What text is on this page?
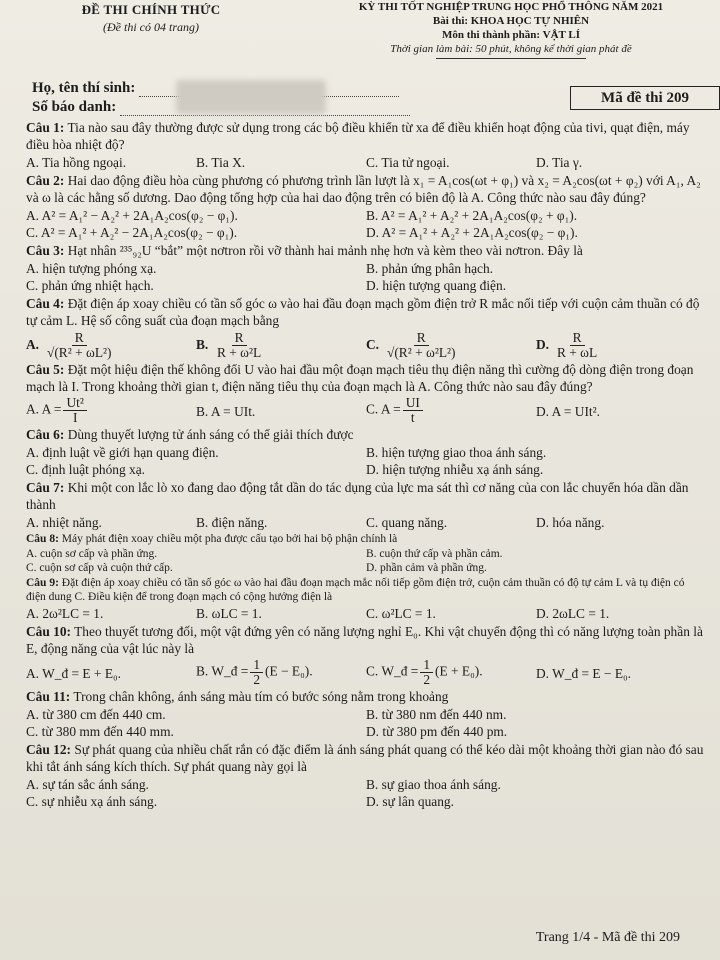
ĐỀ THI CHÍNH THỨC
(Đề thi có 04 trang)
KỲ THI TỐT NGHIỆP TRUNG HỌC PHỔ THÔNG NĂM 2021
Bài thi: KHOA HỌC TỰ NHIÊN
Môn thi thành phần: VẬT LÍ
Thời gian làm bài: 50 phút, không kể thời gian phát đề
Họ, tên thí sinh:
Số báo danh:
Mã đề thi 209
Câu 1: Tia nào sau đây thường được sử dụng trong các bộ điều khiển từ xa để điều khiển hoạt động của tivi, quạt điện, máy điều hòa nhiệt độ?
A. Tia hồng ngoại.	B. Tia X.	C. Tia tử ngoại.	D. Tia γ.
Câu 2: Hai dao động điều hòa cùng phương có phương trình lần lượt là x₁ = A₁cos(ωt + φ₁) và x₂ = A₂cos(ωt + φ₂) với A₁, A₂ và ω là các hằng số dương. Dao động tổng hợp của hai dao động trên có biên độ là A. Công thức nào sau đây đúng?
A. A² = A₁² − A₂² + 2A₁A₂cos(φ₂ − φ₁).	B. A² = A₁² + A₂² + 2A₁A₂cos(φ₂ + φ₁).
C. A² = A₁² + A₂² − 2A₁A₂cos(φ₂ − φ₁).	D. A² = A₁² + A₂² + 2A₁A₂cos(φ₂ − φ₁).
Câu 3: Hạt nhân ²³⁵₉₂U “bắt” một nơtron rồi vỡ thành hai mảnh nhẹ hơn và kèm theo vài nơtron. Đây là
A. hiện tượng phóng xạ.	B. phản ứng phân hạch.
C. phản ứng nhiệt hạch.	D. hiện tượng quang điện.
Câu 4: Đặt điện áp xoay chiều có tần số góc ω vào hai đầu đoạn mạch gồm điện trở R mắc nối tiếp với cuộn cảm thuần có độ tự cảm L. Hệ số công suất của đoạn mạch bằng
A. $\frac{R}{\text{√(R² + ωL²)}}$	B. $\frac{R}{\text{R + ω²L}}$	C. $\frac{R}{\text{√(R² + ω²L²)}}$	D. $\frac{R}{R + \omega L}$
Câu 5: Đặt một hiệu điện thế không đổi U vào hai đầu một đoạn mạch tiêu thụ điện năng thì cường độ dòng điện trong đoạn mạch là I. Trong khoảng thời gian t, điện năng tiêu thụ của đoạn mạch là A. Công thức nào sau đây đúng?
A. $A = \frac{\text{Ut²}}{I}$	B. A = UIt.	C. $A = \frac{UI}{t}$	D. A = UIt².
Câu 6: Dùng thuyết lượng tử ánh sáng có thể giải thích được
A. định luật về giới hạn quang điện.	B. hiện tượng giao thoa ánh sáng.
C. định luật phóng xạ.	D. hiện tượng nhiễu xạ ánh sáng.
Câu 7: Khi một con lắc lò xo đang dao động tắt dần do tác dụng của lực ma sát thì cơ năng của con lắc chuyển hóa dần dần thành
A. nhiệt năng.	B. điện năng.	C. quang năng.	D. hóa năng.
Câu 8: Máy phát điện xoay chiều một pha được cấu tạo bởi hai bộ phận chính là
A. cuộn sơ cấp và phần ứng.	B. cuộn thứ cấp và phần cảm.
C. cuộn sơ cấp và cuộn thứ cấp.	D. phần cảm và phần ứng.
Câu 9: Đặt điện áp xoay chiều có tần số góc ω vào hai đầu đoạn mạch mắc nối tiếp gồm điện trở, cuộn cảm thuần có độ tự cảm L và tụ điện có điện dung C. Điều kiện để trong đoạn mạch có cộng hưởng điện là
A. 2ω²LC = 1.	B. ωLC = 1.	C. ω²LC = 1.	D. 2ωLC = 1.
Câu 10: Theo thuyết tương đối, một vật đứng yên có năng lượng nghỉ E₀. Khi vật chuyển động thì có năng lượng toàn phần là E, động năng của vật lúc này là
A. W_đ = E + E₀.	B. W_đ = $\frac{1}{2} (E - E_0)$.	C. W_đ = $\frac{1}{2} (E + E_0)$.	D. W_đ = E − E₀.
Câu 11: Trong chân không, ánh sáng màu tím có bước sóng nằm trong khoảng
A. từ 380 cm đến 440 cm.	B. từ 380 nm đến 440 nm.
C. từ 380 mm đến 440 mm.	D. từ 380 pm đến 440 pm.
Câu 12: Sự phát quang của nhiều chất rắn có đặc điểm là ánh sáng phát quang có thể kéo dài một khoảng thời gian nào đó sau khi tắt ánh sáng kích thích. Sự phát quang này gọi là
A. sự tán sắc ánh sáng.	B. sự giao thoa ánh sáng.
C. sự nhiễu xạ ánh sáng.	D. sự lân quang.
Trang 1/4 - Mã đề thi 209
